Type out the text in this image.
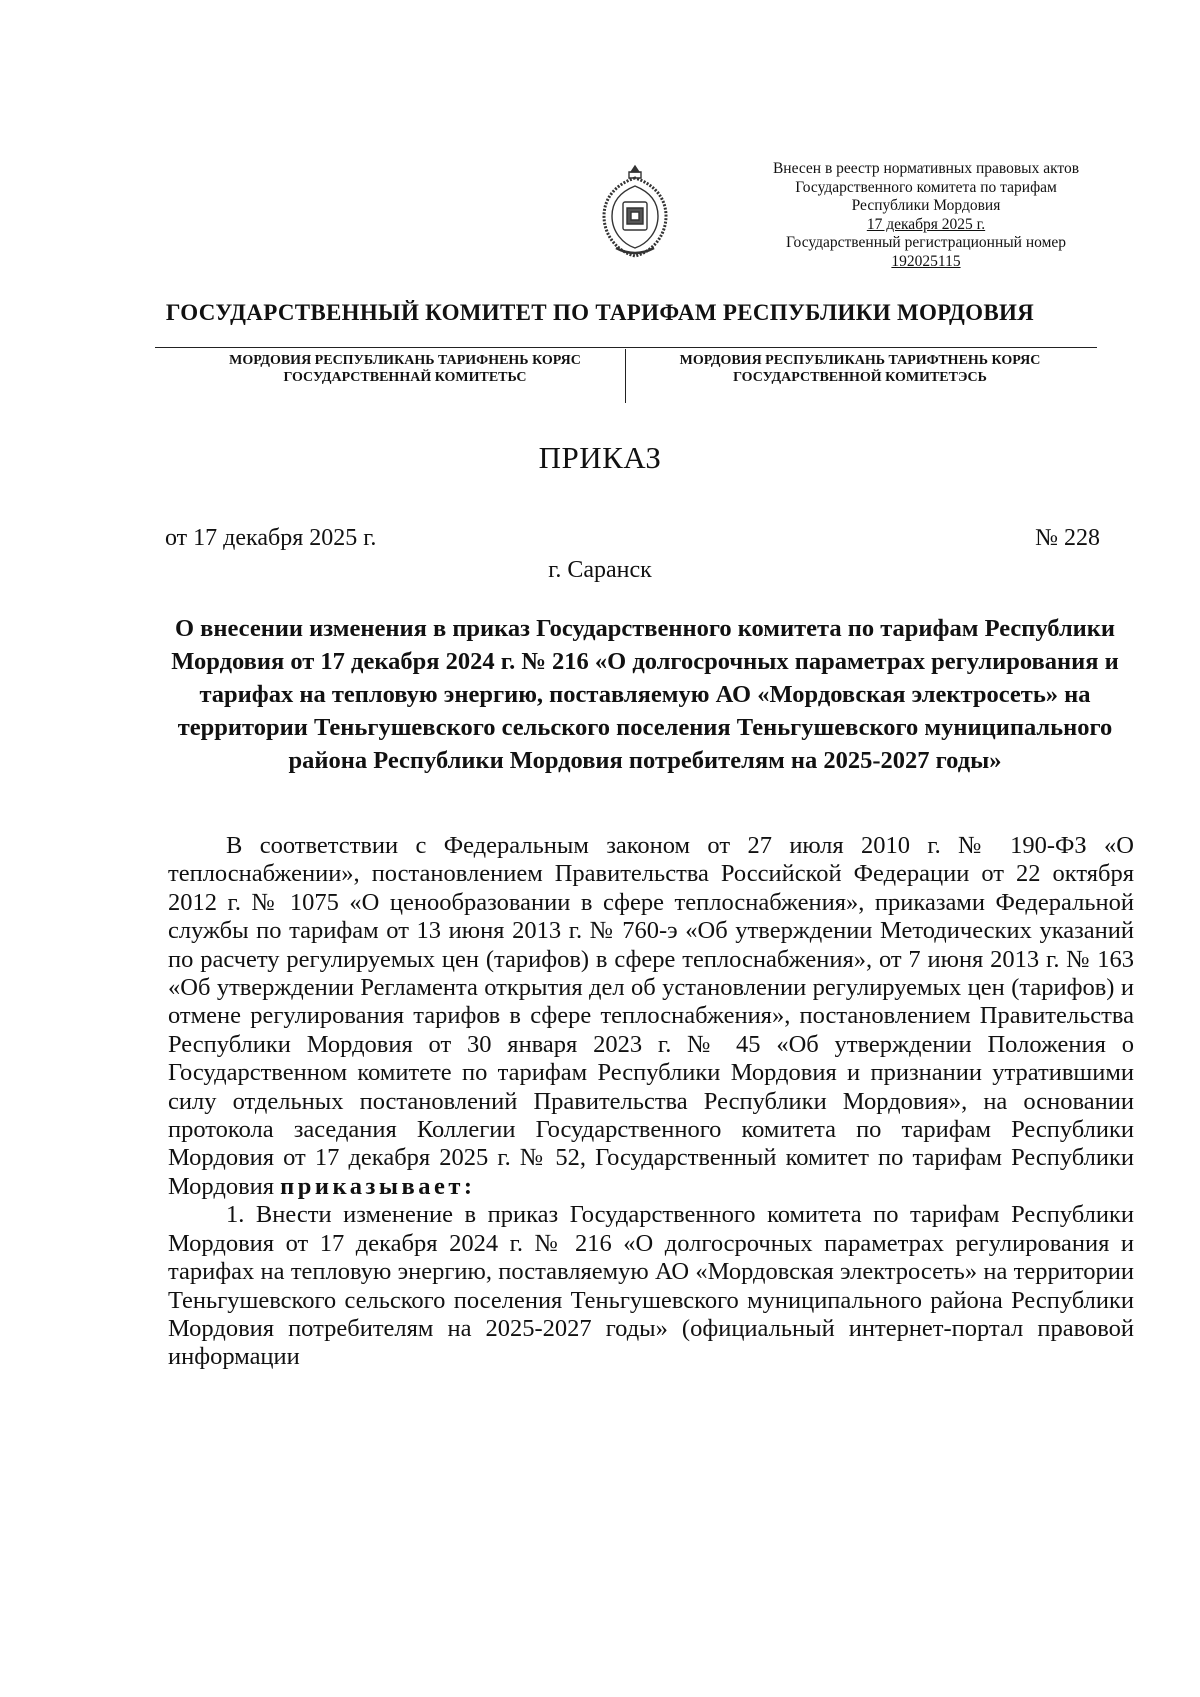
Внесен в реестр нормативных правовых актов
Государственного комитета по тарифам
Республики Мордовия
17 декабря 2025 г.
Государственный регистрационный номер
192025115
ГОСУДАРСТВЕННЫЙ КОМИТЕТ ПО ТАРИФАМ РЕСПУБЛИКИ МОРДОВИЯ
МОРДОВИЯ РЕСПУБЛИКАНЬ ТАРИФНЕНЬ КОРЯС
ГОСУДАРСТВЕННАЙ КОМИТЕТЬС
МОРДОВИЯ РЕСПУБЛИКАНЬ ТАРИФТНЕНЬ КОРЯС
ГОСУДАРСТВЕННОЙ КОМИТЕТЭСЬ
ПРИКАЗ
от 17 декабря 2025 г.	№ 228
г. Саранск
О внесении изменения в приказ Государственного комитета по тарифам Республики Мордовия от 17 декабря 2024 г. № 216 «О долгосрочных параметрах регулирования и тарифах на тепловую энергию, поставляемую АО «Мордовская электросеть» на территории Теньгушевского сельского поселения Теньгушевского муниципального района Республики Мордовия потребителям на 2025-2027 годы»

В соответствии с Федеральным законом от 27 июля 2010 г. № 190-ФЗ «О теплоснабжении», постановлением Правительства Российской Федерации от 22 октября 2012 г. № 1075 «О ценообразовании в сфере теплоснабжения», приказами Федеральной службы по тарифам от 13 июня 2013 г. № 760-э «Об утверждении Методических указаний по расчету регулируемых цен (тарифов) в сфере теплоснабжения», от 7 июня 2013 г. № 163 «Об утверждении Регламента открытия дел об установлении регулируемых цен (тарифов) и отмене регулирования тарифов в сфере теплоснабжения», постановлением Правительства Республики Мордовия от 30 января 2023 г. № 45 «Об утверждении Положения о Государственном комитете по тарифам Республики Мордовия и признании утратившими силу отдельных постановлений Правительства Республики Мордовия», на основании протокола заседания Коллегии Государственного комитета по тарифам Республики Мордовия от 17 декабря 2025 г. № 52, Государственный комитет по тарифам Республики Мордовия приказывает:

1. Внести изменение в приказ Государственного комитета по тарифам Республики Мордовия от 17 декабря 2024 г. № 216 «О долгосрочных параметрах регулирования и тарифах на тепловую энергию, поставляемую АО «Мордовская электросеть» на территории Теньгушевского сельского поселения Теньгушевского муниципального района Республики Мордовия потребителям на 2025-2027 годы» (официальный интернет-портал правовой информации
